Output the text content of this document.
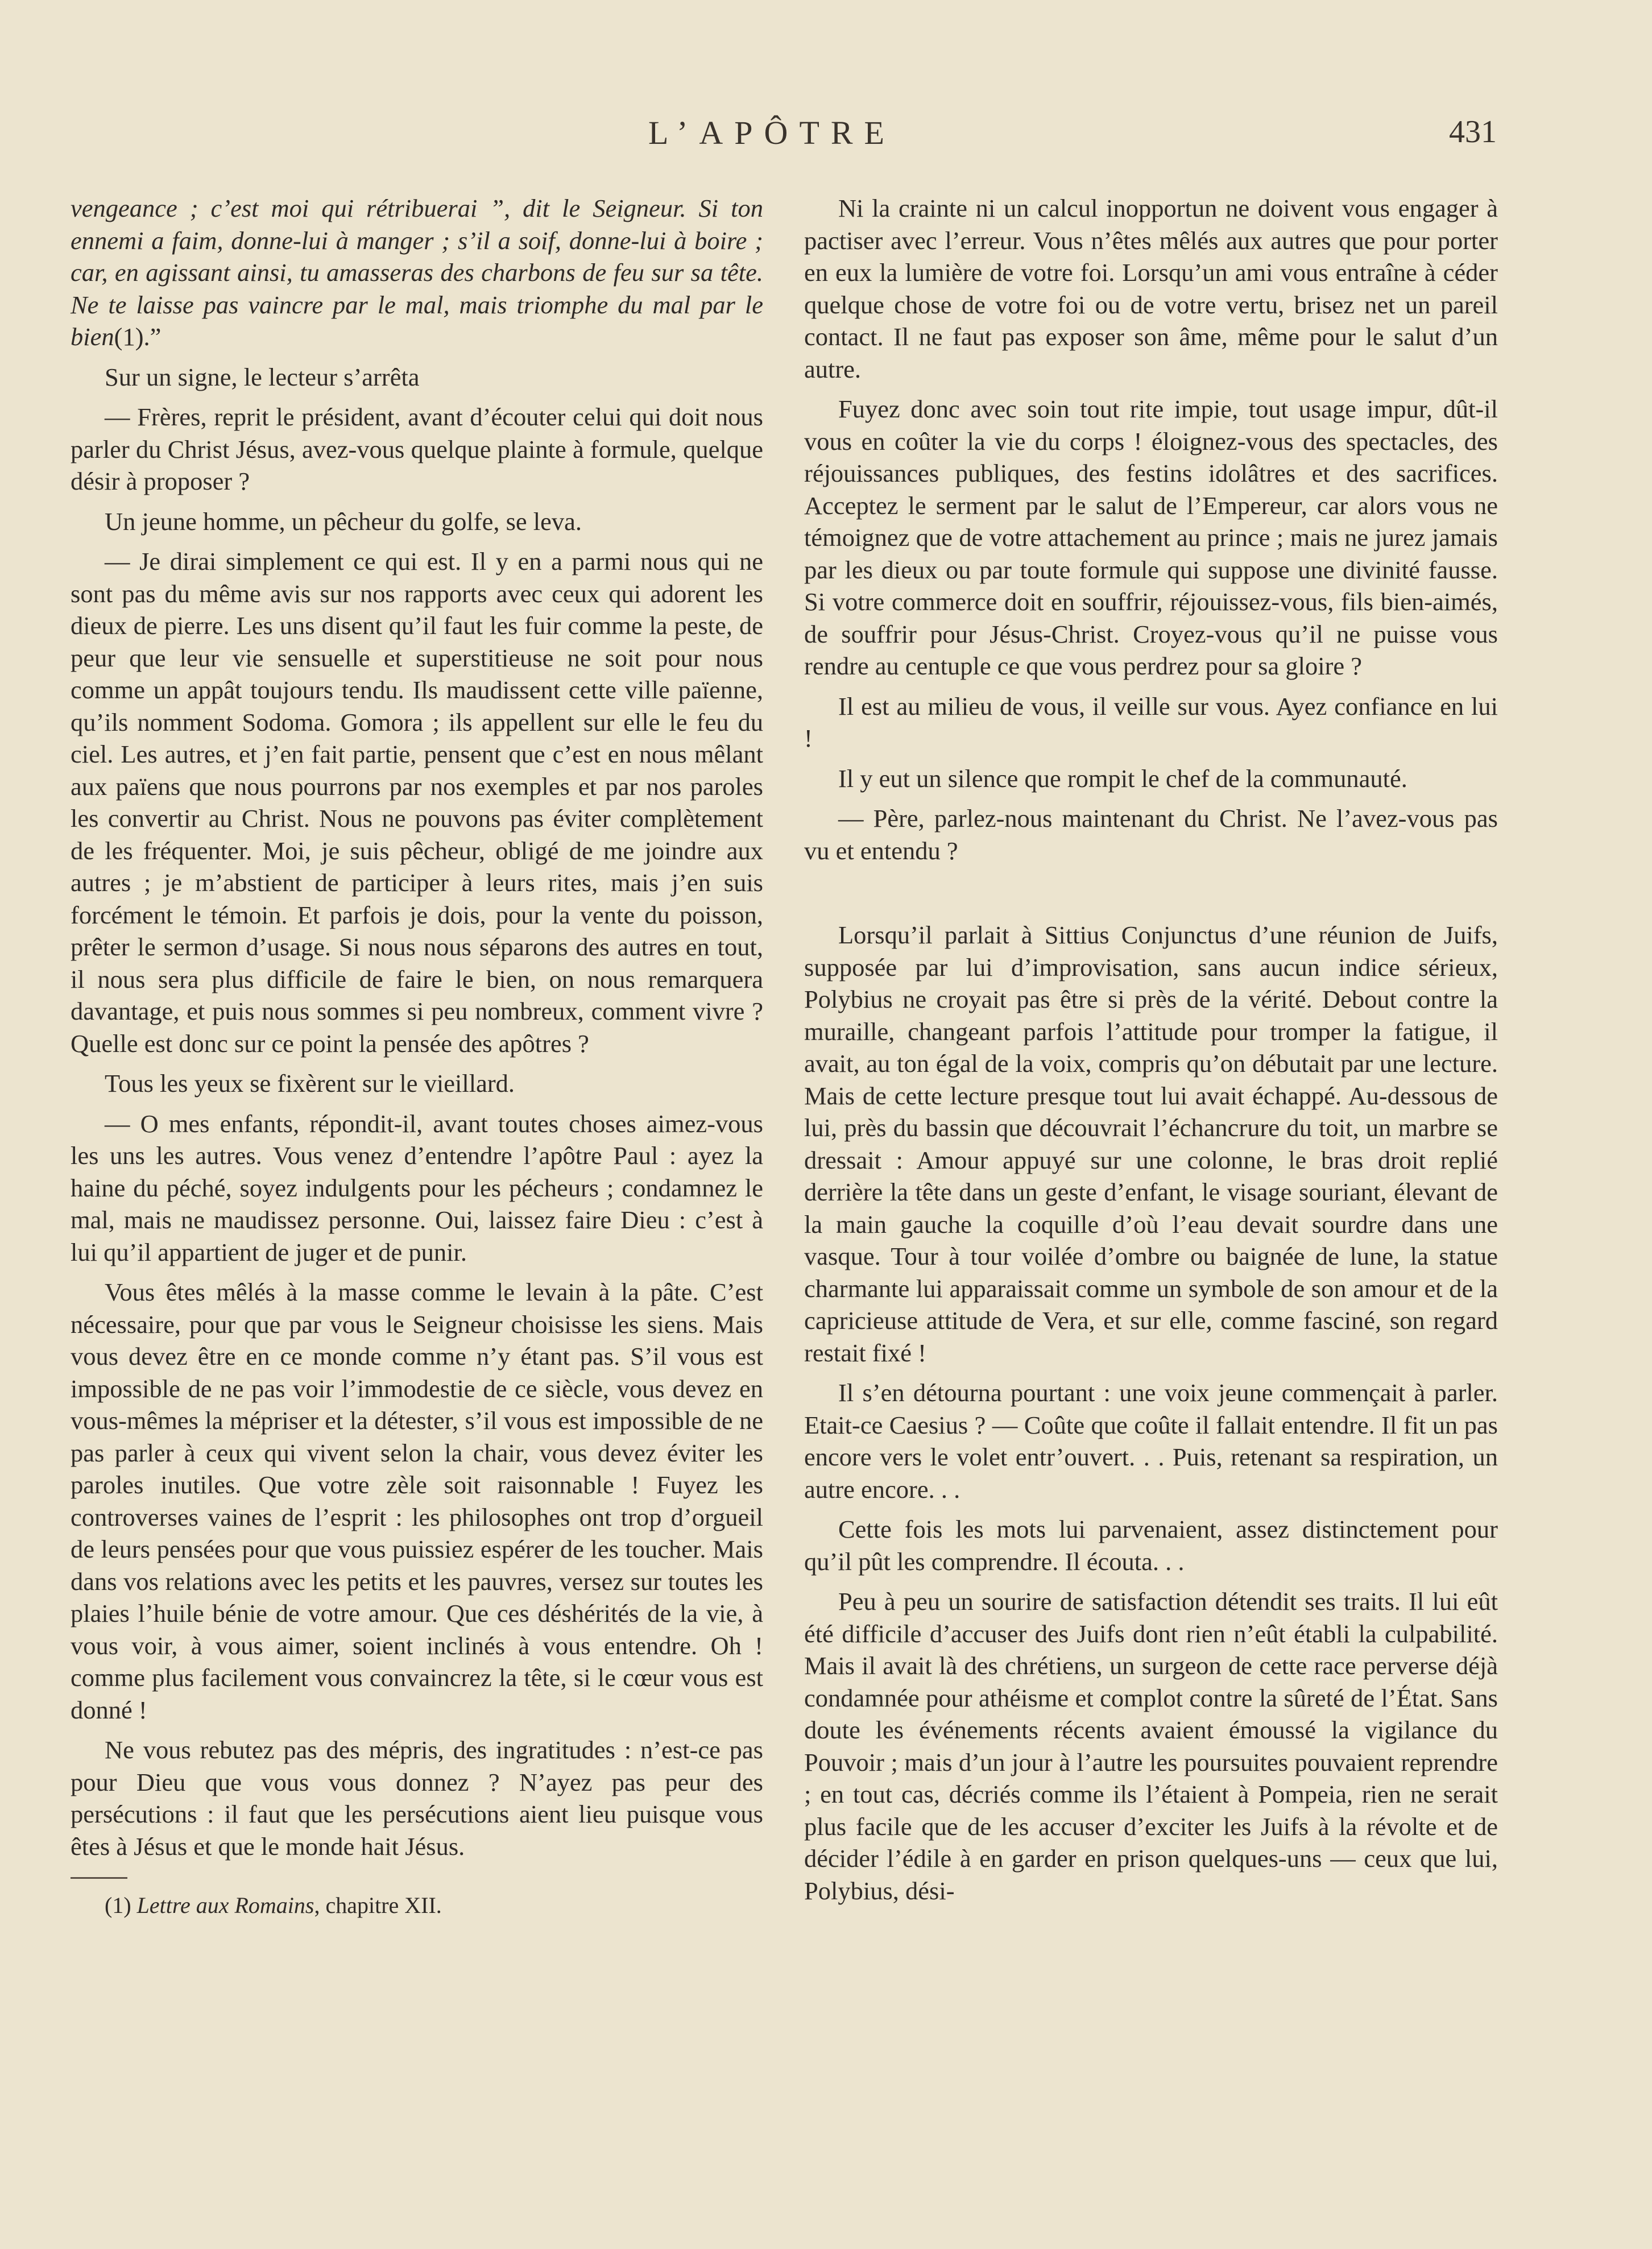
L’APÔTRE	431

vengeance ; c’est moi qui rétribuerai ”, dit le Seigneur. Si ton ennemi a faim, donne-lui à manger ; s’il a soif, donne-lui à boire ; car, en agissant ainsi, tu amasseras des charbons de feu sur sa tête. Ne te laisse pas vaincre par le mal, mais triomphe du mal par le bien(1).”

Sur un signe, le lecteur s’arrêta

— Frères, reprit le président, avant d’écouter celui qui doit nous parler du Christ Jésus, avez-vous quelque plainte à formule, quelque désir à proposer ?

Un jeune homme, un pêcheur du golfe, se leva.

— Je dirai simplement ce qui est. Il y en a parmi nous qui ne sont pas du même avis sur nos rapports avec ceux qui adorent les dieux de pierre. Les uns disent qu’il faut les fuir comme la peste, de peur que leur vie sensuelle et superstitieuse ne soit pour nous comme un appât toujours tendu. Ils maudissent cette ville païenne, qu’ils nomment Sodoma. Gomora ; ils appellent sur elle le feu du ciel. Les autres, et j’en fait partie, pensent que c’est en nous mêlant aux païens que nous pourrons par nos exemples et par nos paroles les convertir au Christ. Nous ne pouvons pas éviter complètement de les fréquenter. Moi, je suis pêcheur, obligé de me joindre aux autres ; je m’abstient de participer à leurs rites, mais j’en suis forcément le témoin. Et parfois je dois, pour la vente du poisson, prêter le sermon d’usage. Si nous nous séparons des autres en tout, il nous sera plus difficile de faire le bien, on nous remarquera davantage, et puis nous sommes si peu nombreux, comment vivre ? Quelle est donc sur ce point la pensée des apôtres ?

Tous les yeux se fixèrent sur le vieillard.

— O mes enfants, répondit-il, avant toutes choses aimez-vous les uns les autres. Vous venez d’entendre l’apôtre Paul : ayez la haine du péché, soyez indulgents pour les pécheurs ; condamnez le mal, mais ne maudissez personne. Oui, laissez faire Dieu : c’est à lui qu’il appartient de juger et de punir.

Vous êtes mêlés à la masse comme le levain à la pâte. C’est nécessaire, pour que par vous le Seigneur choisisse les siens. Mais vous devez être en ce monde comme n’y étant pas. S’il vous est impossible de ne pas voir l’immodestie de ce siècle, vous devez en vous-mêmes la mépriser et la détester, s’il vous est impossible de ne pas parler à ceux qui vivent selon la chair, vous devez éviter les paroles inutiles. Que votre zèle soit raisonnable ! Fuyez les controverses vaines de l’esprit : les philosophes ont trop d’orgueil de leurs pensées pour que vous puissiez espérer de les toucher. Mais dans vos relations avec les petits et les pauvres, versez sur toutes les plaies l’huile bénie de votre amour. Que ces déshérités de la vie, à vous voir, à vous aimer, soient inclinés à vous entendre. Oh ! comme plus facilement vous convaincrez la tête, si le cœur vous est donné !

Ne vous rebutez pas des mépris, des ingratitudes : n’est-ce pas pour Dieu que vous vous donnez ? N’ayez pas peur des persécutions : il faut que les persécutions aient lieu puisque vous êtes à Jésus et que le monde hait Jésus.

(1) Lettre aux Romains, chapitre XII.

Ni la crainte ni un calcul inopportun ne doivent vous engager à pactiser avec l’erreur. Vous n’êtes mêlés aux autres que pour porter en eux la lumière de votre foi. Lorsqu’un ami vous entraîne à céder quelque chose de votre foi ou de votre vertu, brisez net un pareil contact. Il ne faut pas exposer son âme, même pour le salut d’un autre.

Fuyez donc avec soin tout rite impie, tout usage impur, dût-il vous en coûter la vie du corps ! éloignez-vous des spectacles, des réjouissances publiques, des festins idolâtres et des sacrifices. Acceptez le serment par le salut de l’Empereur, car alors vous ne témoignez que de votre attachement au prince ; mais ne jurez jamais par les dieux ou par toute formule qui suppose une divinité fausse. Si votre commerce doit en souffrir, réjouissez-vous, fils bien-aimés, de souffrir pour Jésus-Christ. Croyez-vous qu’il ne puisse vous rendre au centuple ce que vous perdrez pour sa gloire ?

Il est au milieu de vous, il veille sur vous. Ayez confiance en lui !

Il y eut un silence que rompit le chef de la communauté.

— Père, parlez-nous maintenant du Christ. Ne l’avez-vous pas vu et entendu ?

Lorsqu’il parlait à Sittius Conjunctus d’une réunion de Juifs, supposée par lui d’improvisation, sans aucun indice sérieux, Polybius ne croyait pas être si près de la vérité. Debout contre la muraille, changeant parfois l’attitude pour tromper la fatigue, il avait, au ton égal de la voix, compris qu’on débutait par une lecture. Mais de cette lecture presque tout lui avait échappé. Au-dessous de lui, près du bassin que découvrait l’échancrure du toit, un marbre se dressait : Amour appuyé sur une colonne, le bras droit replié derrière la tête dans un geste d’enfant, le visage souriant, élevant de la main gauche la coquille d’où l’eau devait sourdre dans une vasque. Tour à tour voilée d’ombre ou baignée de lune, la statue charmante lui apparaissait comme un symbole de son amour et de la capricieuse attitude de Vera, et sur elle, comme fasciné, son regard restait fixé !

Il s’en détourna pourtant : une voix jeune commençait à parler. Etait-ce Caesius ? — Coûte que coûte il fallait entendre. Il fit un pas encore vers le volet entr’ouvert. . . Puis, retenant sa respiration, un autre encore. . .

Cette fois les mots lui parvenaient, assez distinctement pour qu’il pût les comprendre. Il écouta. . .

Peu à peu un sourire de satisfaction détendit ses traits. Il lui eût été difficile d’accuser des Juifs dont rien n’eût établi la culpabilité. Mais il avait là des chrétiens, un surgeon de cette race perverse déjà condamnée pour athéisme et complot contre la sûreté de l’État. Sans doute les événements récents avaient émoussé la vigilance du Pouvoir ; mais d’un jour à l’autre les poursuites pouvaient reprendre ; en tout cas, décriés comme ils l’étaient à Pompeia, rien ne serait plus facile que de les accuser d’exciter les Juifs à la révolte et de décider l’édile à en garder en prison quelques-uns — ceux que lui, Polybius, dési-
